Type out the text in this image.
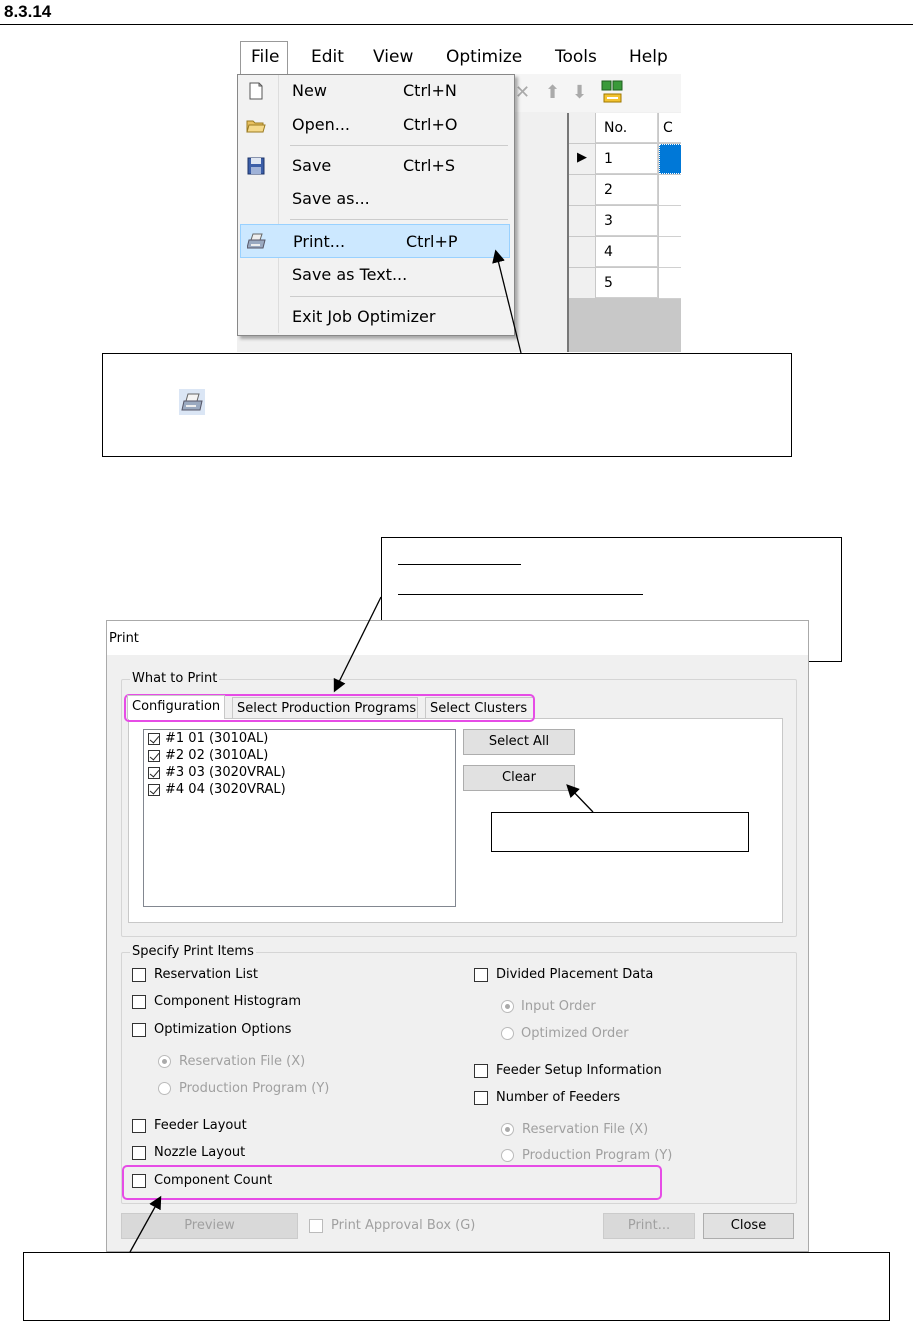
8.3.14
File Edit View Optimize Tools Help
✕ ⬆ ⬇
No.	C
▶	1
2
3
4
5
New	Ctrl+N
Open...	Ctrl+O
Save	Ctrl+S
Save as...
Print...	Ctrl+P
Save as Text...
Exit Job Optimizer
Print
What to Print
Configuration	Select Production Programs	Select Clusters
#1 01 (3010AL)
#2 02 (3010AL)
#3 03 (3020VRAL)
#4 04 (3020VRAL)
Select All
Clear
Specify Print Items
Reservation List
Component Histogram
Optimization Options
Reservation File (X)
Production Program (Y)
Feeder Layout
Nozzle Layout
Component Count
Divided Placement Data
Input Order
Optimized Order
Feeder Setup Information
Number of Feeders
Reservation File (X)
Production Program (Y)
Preview	Print Approval Box (G)	Print...	Close
